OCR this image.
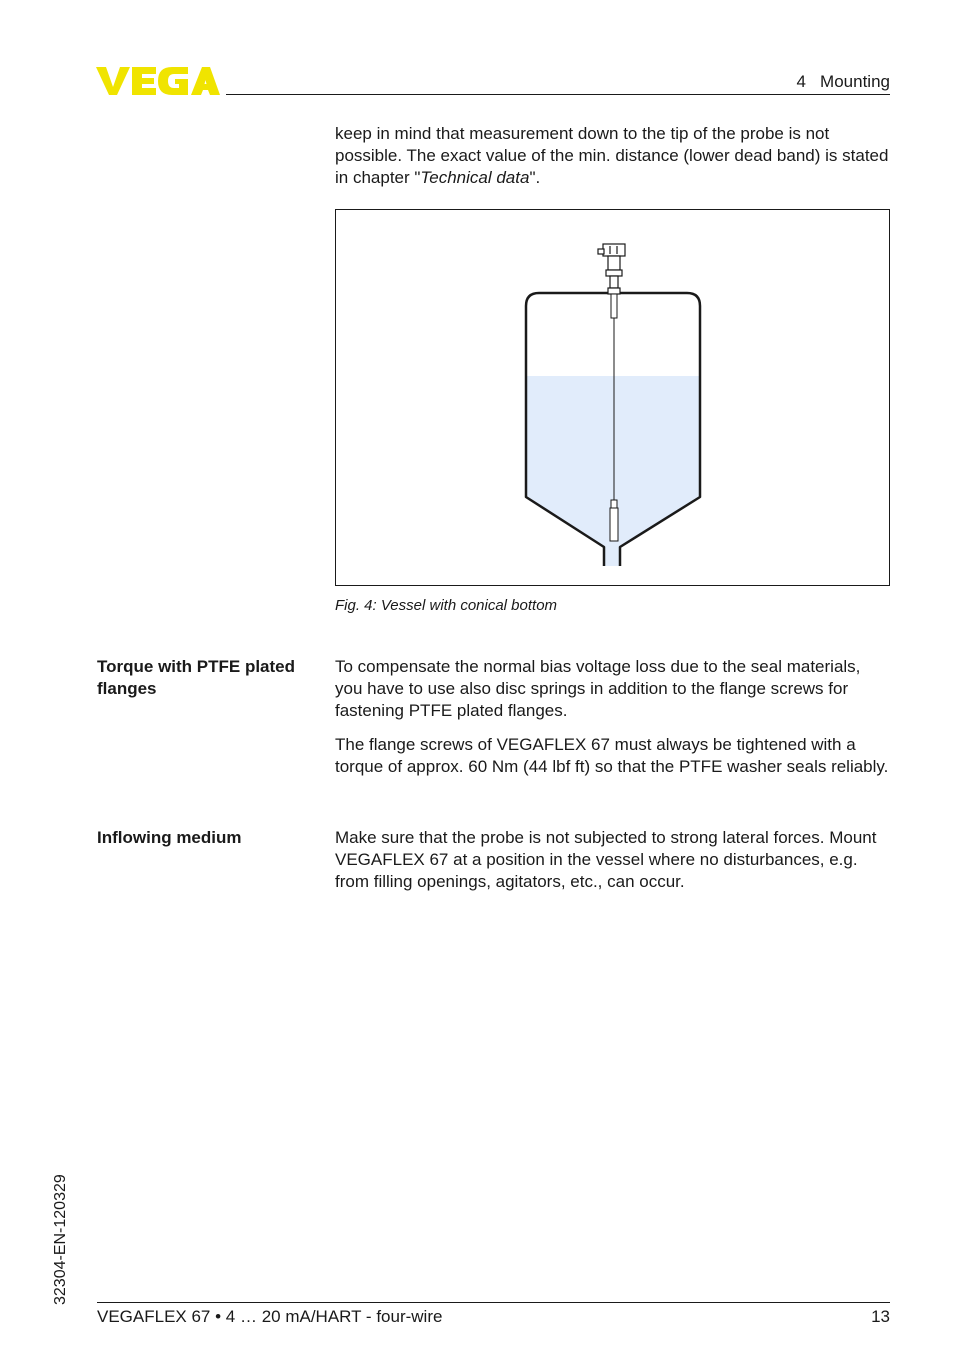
4   Mounting

keep in mind that measurement down to the tip of the probe is not possible. The exact value of the min. distance (lower dead band) is stated in chapter "Technical data".

Fig. 4: Vessel with conical bottom

Torque with PTFE plated flanges

To compensate the normal bias voltage loss due to the seal materials, you have to use also disc springs in addition to the flange screws for fastening PTFE plated flanges.

The flange screws of VEGAFLEX 67 must always be tightened with a torque of approx. 60 Nm (44 lbf ft) so that the PTFE washer seals reliably.

Inflowing medium	Make sure that the probe is not subjected to strong lateral forces. Mount VEGAFLEX 67 at a position in the vessel where no disturbances, e.g. from filling openings, agitators, etc., can occur.

32304-EN-120329
VEGAFLEX 67 • 4 … 20 mA/HART - four-wire	13
